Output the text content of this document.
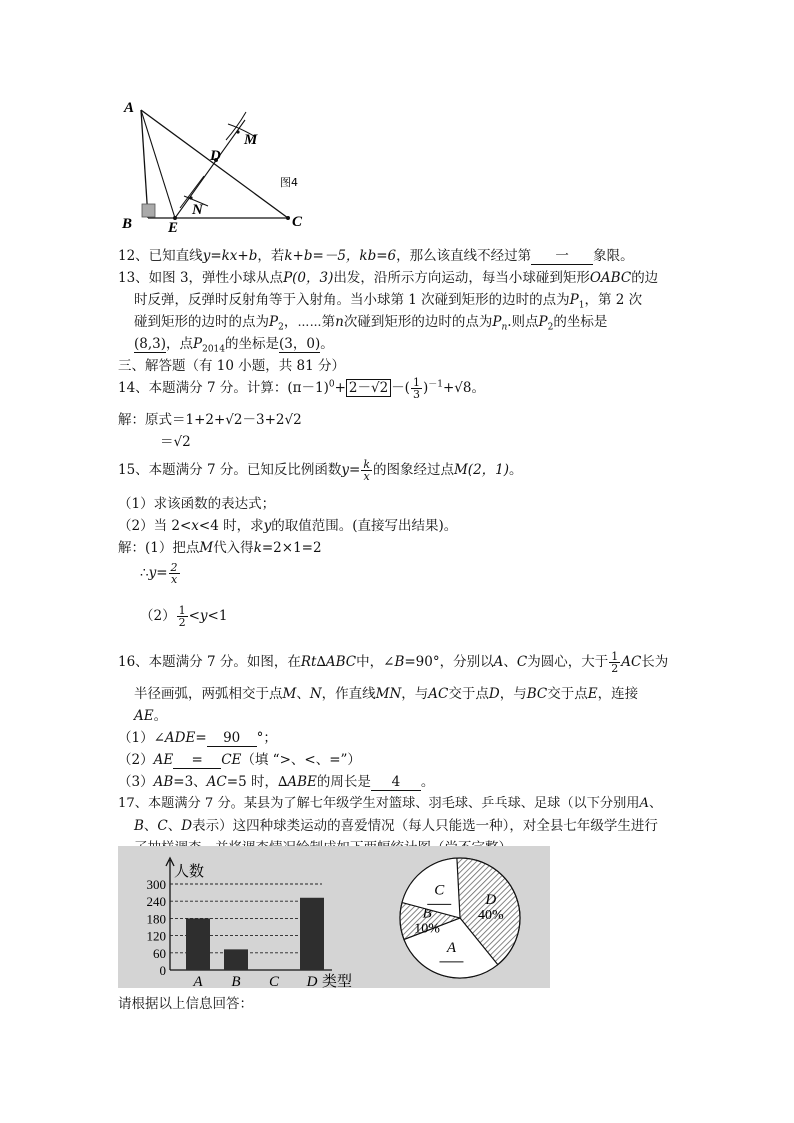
A
M
D
图4
N
B E	C
12、已知直线y=kx+b，若k+b=－5，kb=6，那么该直线不经过第 一 象限。
13、如图 3，弹性小球从点P(0，3)出发，沿所示方向运动，每当小球碰到矩形OABC的边
时反弹，反弹时反射角等于入射角。当小球第 1 次碰到矩形的边时的点为$P_1$，第 2 次
碰到矩形的边时的点为$P_2$，⋯⋯第n次碰到矩形的边时的点为$P_n$.则点$P_2$的坐标是
(8,3)，点$P_{2014}$的坐标是(3，0)。
三、解答题（有 10 小题，共 81 分）
14、本题满分 7 分。计算：$(\pi-1)^0+ 2-√2$ －( $\frac{1}{3} )^{-1}+√8$。
解：原式＝1+2+√2－3+2√2
＝√2
15、本题满分 7 分。已知反比例函数$y= \frac{k}{x}$ 的图象经过点M(2，1)。
（1）求该函数的表达式；
（2）当 2<x<4 时，求y的取值范围。(直接写出结果)。
解：(1）把点M代入得k=2×1=2
∴y= $\frac{2}{x}$
$(2) \frac{1}{2} <y<1$
16、本题满分 7 分。如图，在Rt∆ABC中，∠B=90°，分别以A、C为圆心，大于 $\frac{1}{2}$ AC长为
半径画弧，两弧相交于点M、N，作直线MN，与AC交于点D，与BC交于点E，连接
AE。
（1）∠ADE= 90 °；
（2）AE = CE（填 “>、<、=”）
（3）AB=3、AC=5 时，∆ABE的周长是 4 。
17、本题满分 7 分。某县为了解七年级学生对篮球、羽毛球、乒乓球、足球（以下分别用A、
B、C、D表示）这四种球类运动的喜爱情况（每人只能选一种），对全县七年级学生进行
人数
0
60
120
180
240
300
A B C D 类型
D
40%
A
B
10%
C
请根据以上信息回答：
